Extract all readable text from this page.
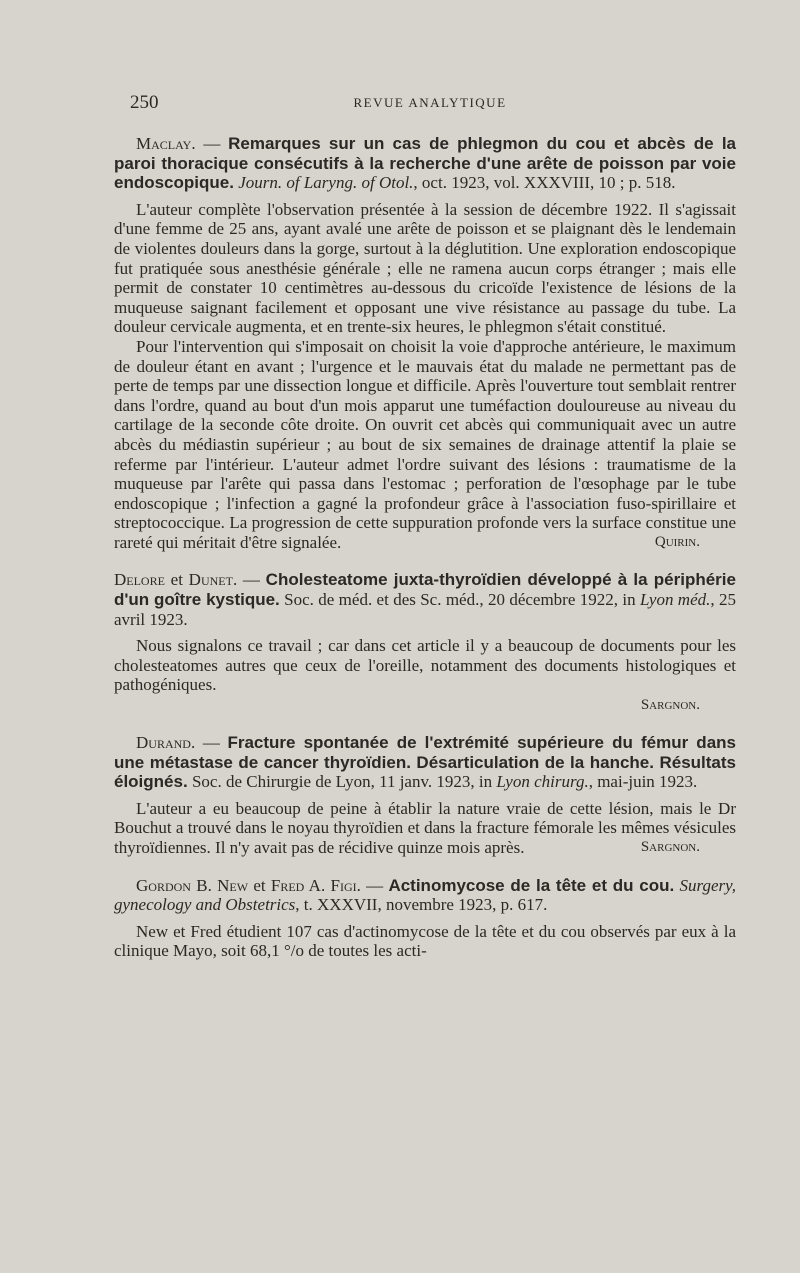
250	REVUE ANALYTIQUE

Maclay. — Remarques sur un cas de phlegmon du cou et abcès de la paroi thoracique consécutifs à la recherche d'une arête de poisson par voie endoscopique. Journ. of Laryng. of Otol., oct. 1923, vol. XXXVIII, 10 ; p. 518.

L'auteur complète l'observation présentée à la session de décembre 1922. Il s'agissait d'une femme de 25 ans, ayant avalé une arête de poisson et se plaignant dès le lendemain de violentes douleurs dans la gorge, surtout à la déglutition. Une exploration endoscopique fut pratiquée sous anesthésie générale ; elle ne ramena aucun corps étranger ; mais elle permit de constater 10 centimètres au-dessous du cricoïde l'existence de lésions de la muqueuse saignant facilement et opposant une vive résistance au passage du tube. La douleur cervicale augmenta, et en trente-six heures, le phlegmon s'était constitué.

Pour l'intervention qui s'imposait on choisit la voie d'approche antérieure, le maximum de douleur étant en avant ; l'urgence et le mauvais état du malade ne permettant pas de perte de temps par une dissection longue et difficile. Après l'ouverture tout semblait rentrer dans l'ordre, quand au bout d'un mois apparut une tuméfaction douloureuse au niveau du cartilage de la seconde côte droite. On ouvrit cet abcès qui communiquait avec un autre abcès du médiastin supérieur ; au bout de six semaines de drainage attentif la plaie se referme par l'intérieur. L'auteur admet l'ordre suivant des lésions : traumatisme de la muqueuse par l'arête qui passa dans l'estomac ; perforation de l'œsophage par le tube endoscopique ; l'infection a gagné la profondeur grâce à l'association fuso-spirillaire et streptococcique. La progression de cette suppuration profonde vers la surface constitue une rareté qui méritait d'être signalée.	Quirin.

Delore et Dunet. — Cholesteatome juxta-thyroïdien développé à la périphérie d'un goître kystique. Soc. de méd. et des Sc. méd., 20 décembre 1922, in Lyon méd., 25 avril 1923.

Nous signalons ce travail ; car dans cet article il y a beaucoup de documents pour les cholesteatomes autres que ceux de l'oreille, notamment des documents histologiques et pathogéniques.

Sargnon.

Durand. — Fracture spontanée de l'extrémité supérieure du fémur dans une métastase de cancer thyroïdien. Désarticulation de la hanche. Résultats éloignés. Soc. de Chirurgie de Lyon, 11 janv. 1923, in Lyon chirurg., mai-juin 1923.

L'auteur a eu beaucoup de peine à établir la nature vraie de cette lésion, mais le Dr Bouchut a trouvé dans le noyau thyroïdien et dans la fracture fémorale les mêmes vésicules thyroïdiennes. Il n'y avait pas de récidive quinze mois après.	Sargnon.

Gordon B. New et Fred A. Figi. — Actinomycose de la tête et du cou. Surgery, gynecology and Obstetrics, t. XXXVII, novembre 1923, p. 617.

New et Fred étudient 107 cas d'actinomycose de la tête et du cou observés par eux à la clinique Mayo, soit 68,1 °/o de toutes les acti-
